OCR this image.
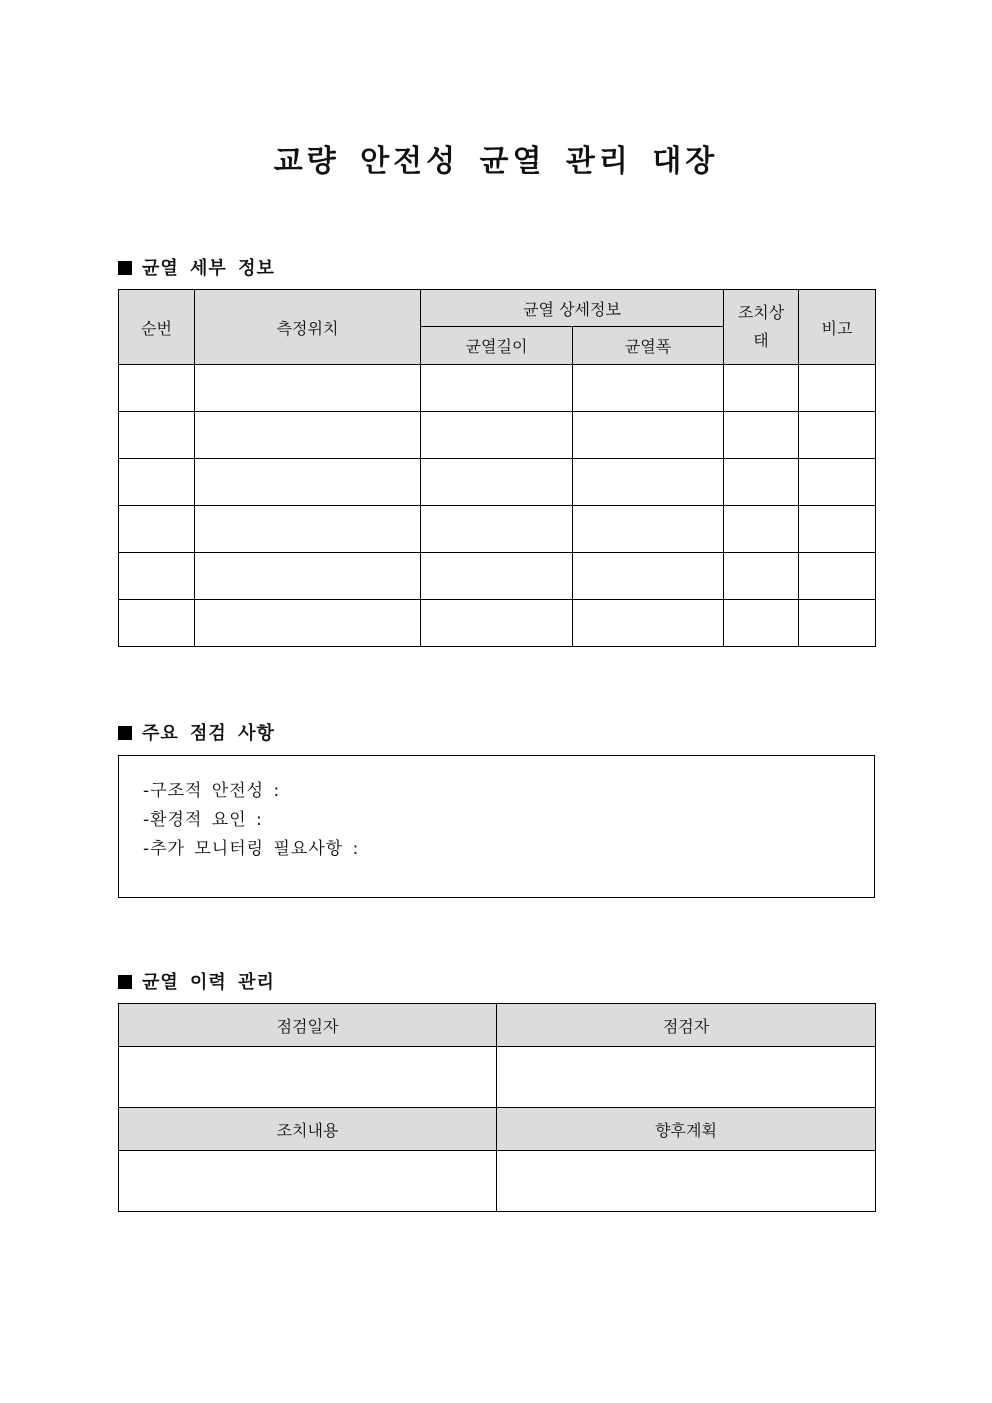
교량 안전성 균열 관리 대장
균열 세부 정보
순번	측정위치	균열 상세정보		조치상태	비고
		균열길이	균열폭		

주요 점검 사항
-구조적 안전성 :
-환경적 요인 :
-추가 모니터링 필요사항 :
균열 이력 관리
점검일자	점검자

조치내용	향후계획
